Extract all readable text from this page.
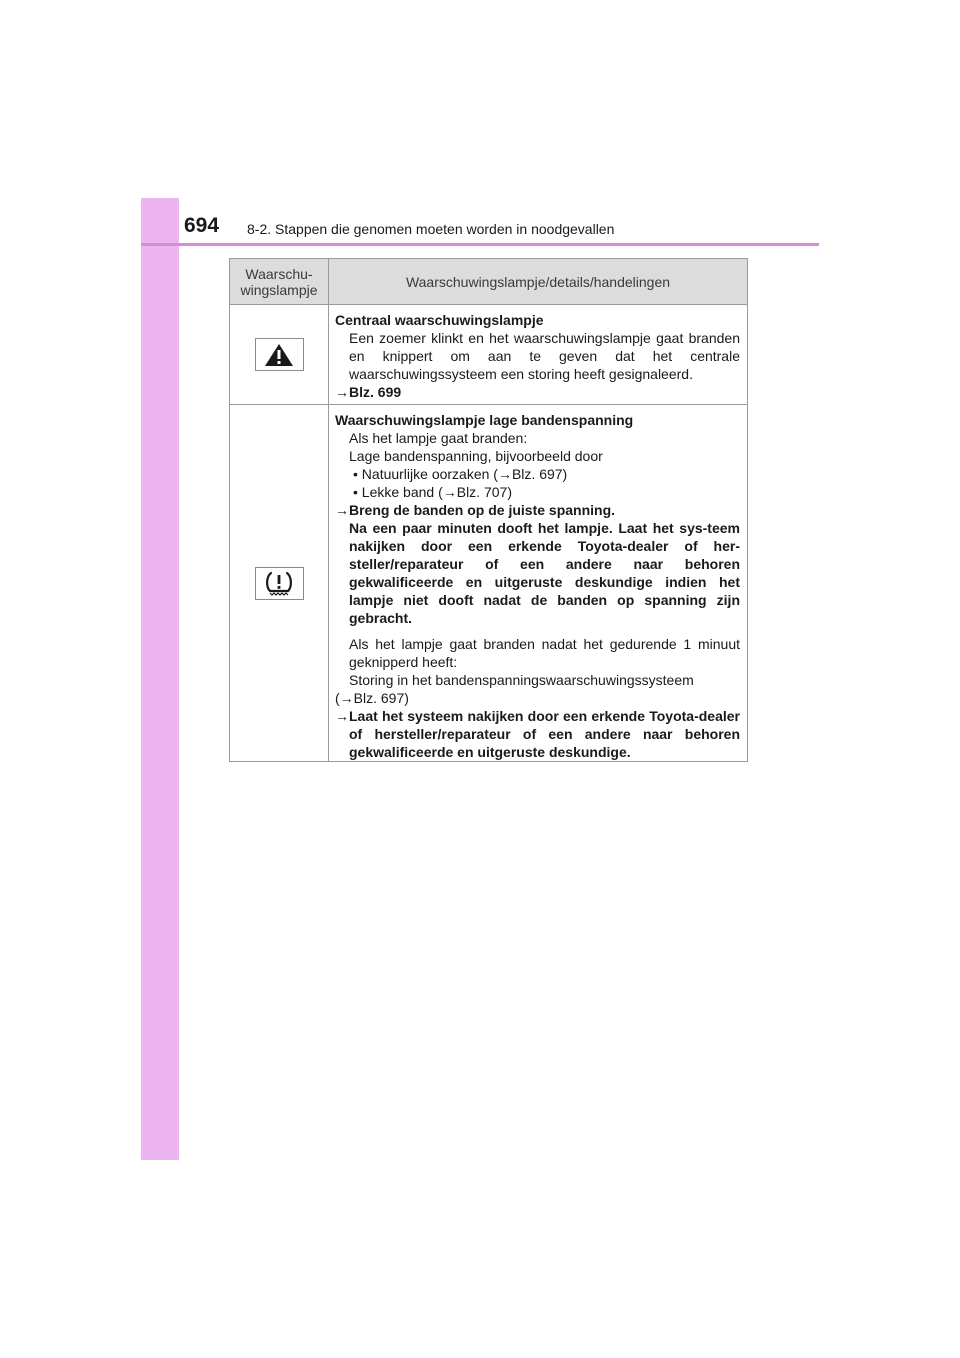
694 8-2. Stappen die genomen moeten worden in noodgevallen
Waarschu-
wingslampje	Waarschuwingslampje/details/handelingen

Centraal waarschuwingslampje

Een zoemer klinkt en het waarschuwingslampje gaat branden en knippert om aan te geven dat het centrale waarschuwingssysteem een storing heeft gesignaleerd.

→ Blz. 699

Waarschuwingslampje lage bandenspanning

Als het lampje gaat branden:

Lage bandenspanning, bijvoorbeeld door

• Natuurlijke oorzaken (→Blz. 697)

• Lekke band (→Blz. 707)

→ Breng de banden op de juiste spanning.

Na een paar minuten dooft het lampje. Laat het sys-teem nakijken door een erkende Toyota-dealer of her-steller/reparateur of een andere naar behoren gekwalificeerde en uitgeruste deskundige indien het lampje niet dooft nadat de banden op spanning zijn gebracht.

Als het lampje gaat branden nadat het gedurende 1 minuut geknipperd heeft:

Storing in het bandenspanningswaarschuwingssysteem

(→Blz. 697)

→ Laat het systeem nakijken door een erkende Toyota-dealer of hersteller/reparateur of een andere naar behoren gekwalificeerde en uitgeruste deskundige.
